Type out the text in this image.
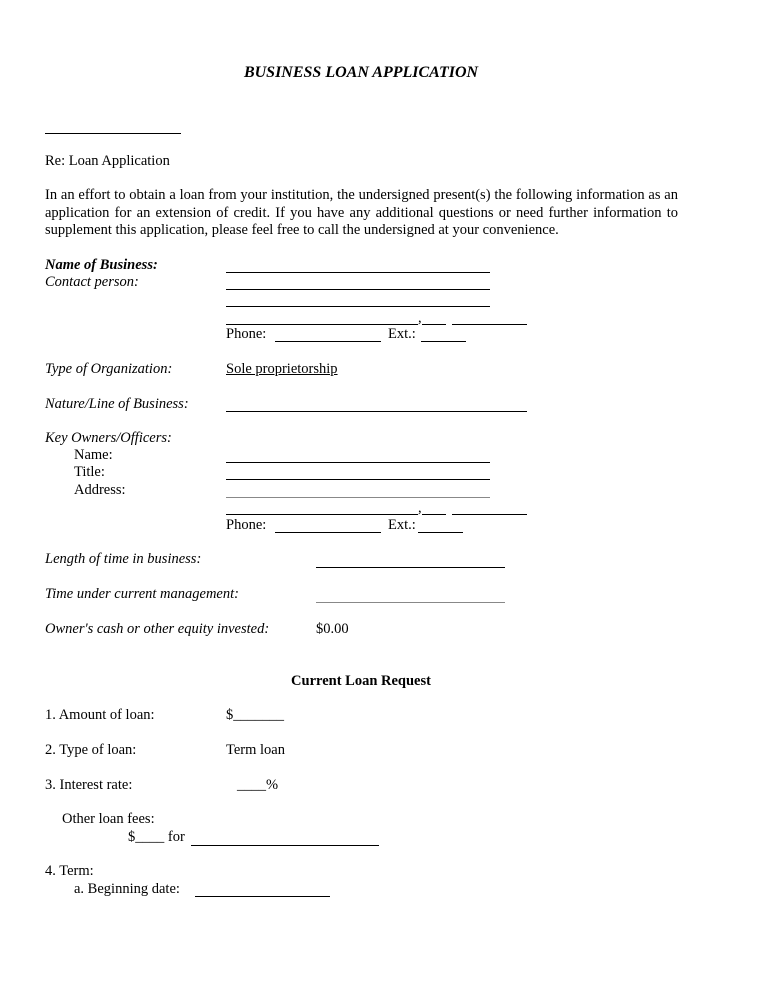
BUSINESS LOAN APPLICATION
Re: Loan Application
In an effort to obtain a loan from your institution, the undersigned present(s) the following information as an application for an extension of credit. If you have any additional questions or need further information to supplement this application, please feel free to call the undersigned at your convenience.
Name of Business:
Contact person:
,
Phone:	Ext.:
Type of Organization:	Sole proprietorship
Nature/Line of Business:
Key Owners/Officers:
Name:
Title:
Address:
,
Phone:	Ext.:
Length of time in business:
Time under current management:
Owner's cash or other equity invested:	$0.00
Current Loan Request
1. Amount of loan:	$_______
2. Type of loan:	Term loan
3. Interest rate:	____%
Other loan fees:
$____ for
4. Term:
a. Beginning date:
